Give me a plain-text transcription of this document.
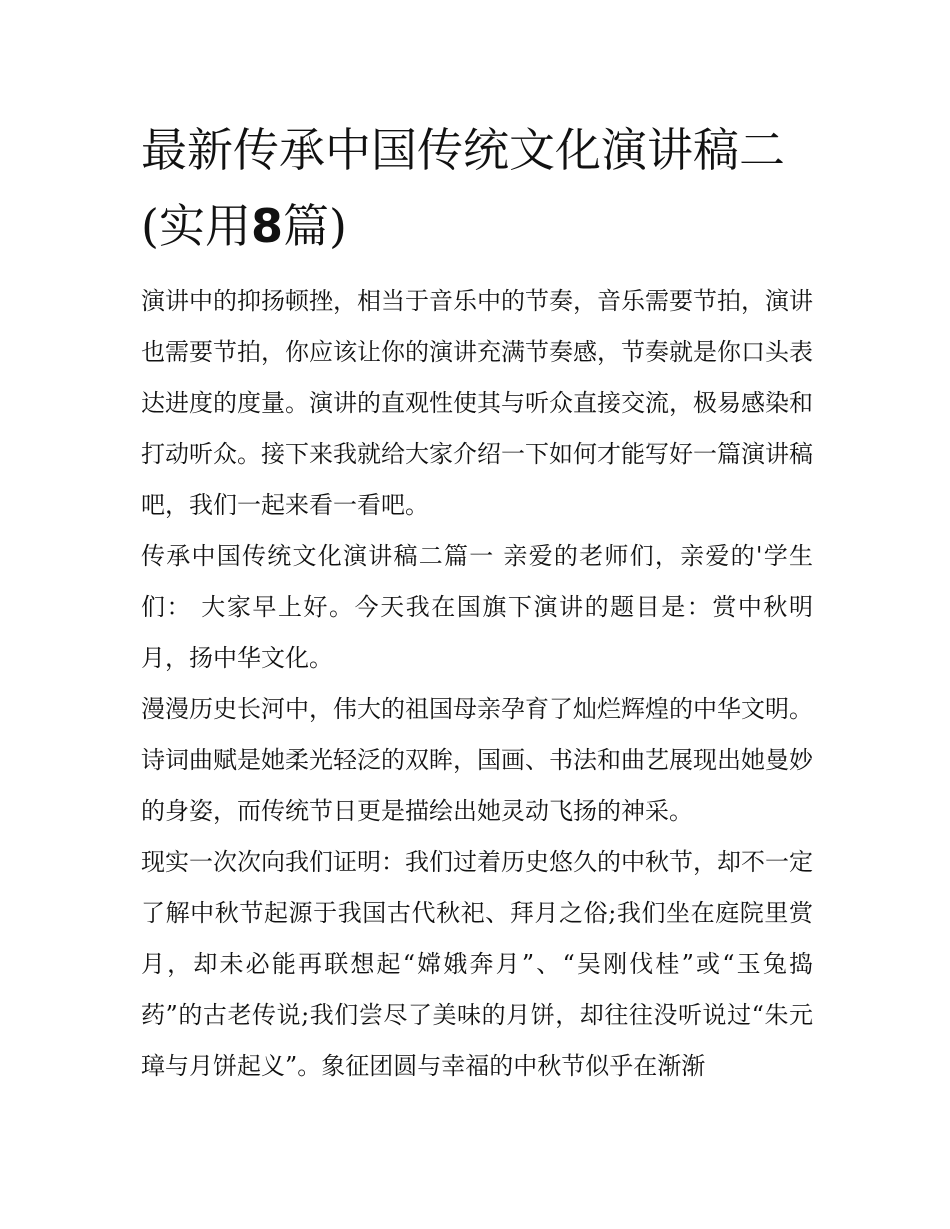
最新传承中国传统文化演讲稿二(实用8篇)

演讲中的抑扬顿挫，相当于音乐中的节奏，音乐需要节拍，演讲也需要节拍，你应该让你的演讲充满节奏感，节奏就是你口头表达进度的度量。演讲的直观性使其与听众直接交流，极易感染和打动听众。接下来我就给大家介绍一下如何才能写好一篇演讲稿吧，我们一起来看一看吧。

传承中国传统文化演讲稿二篇一 亲爱的老师们，亲爱的'学生们： 大家早上好。今天我在国旗下演讲的题目是：赏中秋明月，扬中华文化。

漫漫历史长河中，伟大的祖国母亲孕育了灿烂辉煌的中华文明。诗词曲赋是她柔光轻泛的双眸，国画、书法和曲艺展现出她曼妙的身姿，而传统节日更是描绘出她灵动飞扬的神采。

现实一次次向我们证明：我们过着历史悠久的中秋节，却不一定了解中秋节起源于我国古代秋祀、拜月之俗;我们坐在庭院里赏月，却未必能再联想起“嫦娥奔月”、“吴刚伐桂”或“玉兔捣药”的古老传说;我们尝尽了美味的月饼，却往往没听说过“朱元璋与月饼起义”。象征团圆与幸福的中秋节似乎在渐渐
